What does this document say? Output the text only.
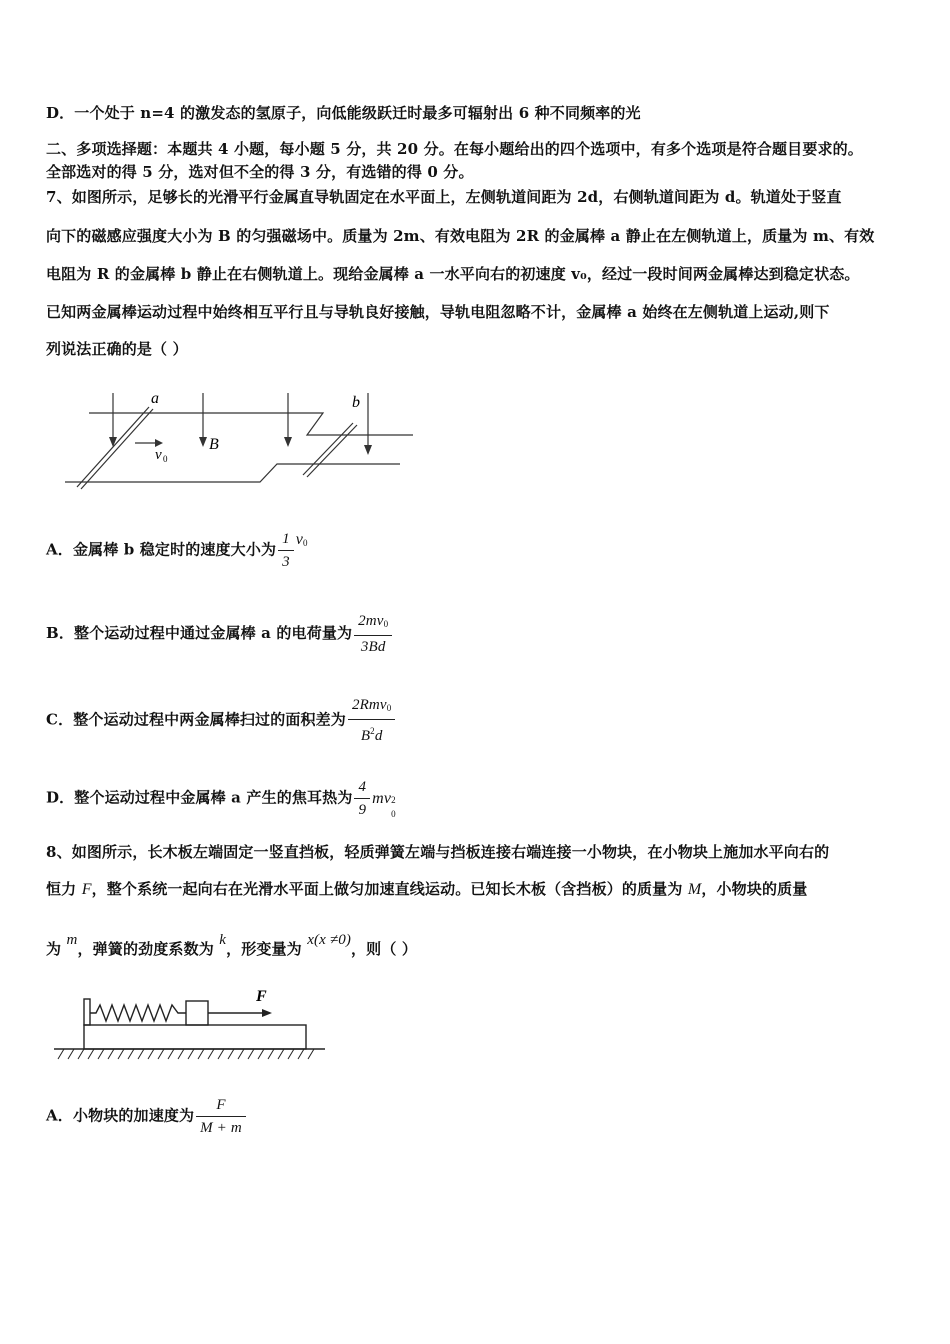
D．一个处于 n=4 的激发态的氢原子，向低能级跃迁时最多可辐射出 6 种不同频率的光
二、多项选择题：本题共 4 小题，每小题 5 分，共 20 分。在每小题给出的四个选项中，有多个选项是符合题目要求的。
全部选对的得 5 分，选对但不全的得 3 分，有选错的得 0 分。
7、如图所示，足够长的光滑平行金属直导轨固定在水平面上，左侧轨道间距为 2d，右侧轨道间距为 d。轨道处于竖直
向下的磁感应强度大小为 B 的匀强磁场中。质量为 2m、有效电阻为 2R 的金属棒 a 静止在左侧轨道上，质量为 m、有效
电阻为 R 的金属棒 b 静止在右侧轨道上。现给金属棒 a 一水平向右的初速度 v₀，经过一段时间两金属棒达到稳定状态。
已知两金属棒运动过程中始终相互平行且与导轨良好接触，导轨电阻忽略不计，金属棒 a 始终在左侧轨道上运动,则下
列说法正确的是（ ）
a	b
B
v 0
A．金属棒 b 稳定时的速度大小为 $\frac{1}{3} v0$
B．整个运动过程中通过金属棒 a 的电荷量为 $\frac{2mv0}{3Bd}$
C．整个运动过程中两金属棒扫过的面积差为 $\frac{\text{2Rmv0}}{B^2d}$
D．整个运动过程中金属棒 a 产生的焦耳热为 $\frac{4}{9}$ mv 2
0
8、如图所示，长木板左端固定一竖直挡板，轻质弹簧左端与挡板连接右端连接一小物块，在小物块上施加水平向右的
恒力 F，整个系统一起向右在光滑水平面上做匀加速直线运动。已知长木板（含挡板）的质量为 M，小物块的质量
为 m，弹簧的劲度系数为 k，形变量为 x(x ≠0)，则（ ）
F
A．小物块的加速度为 $\frac{F}{M + m}$
